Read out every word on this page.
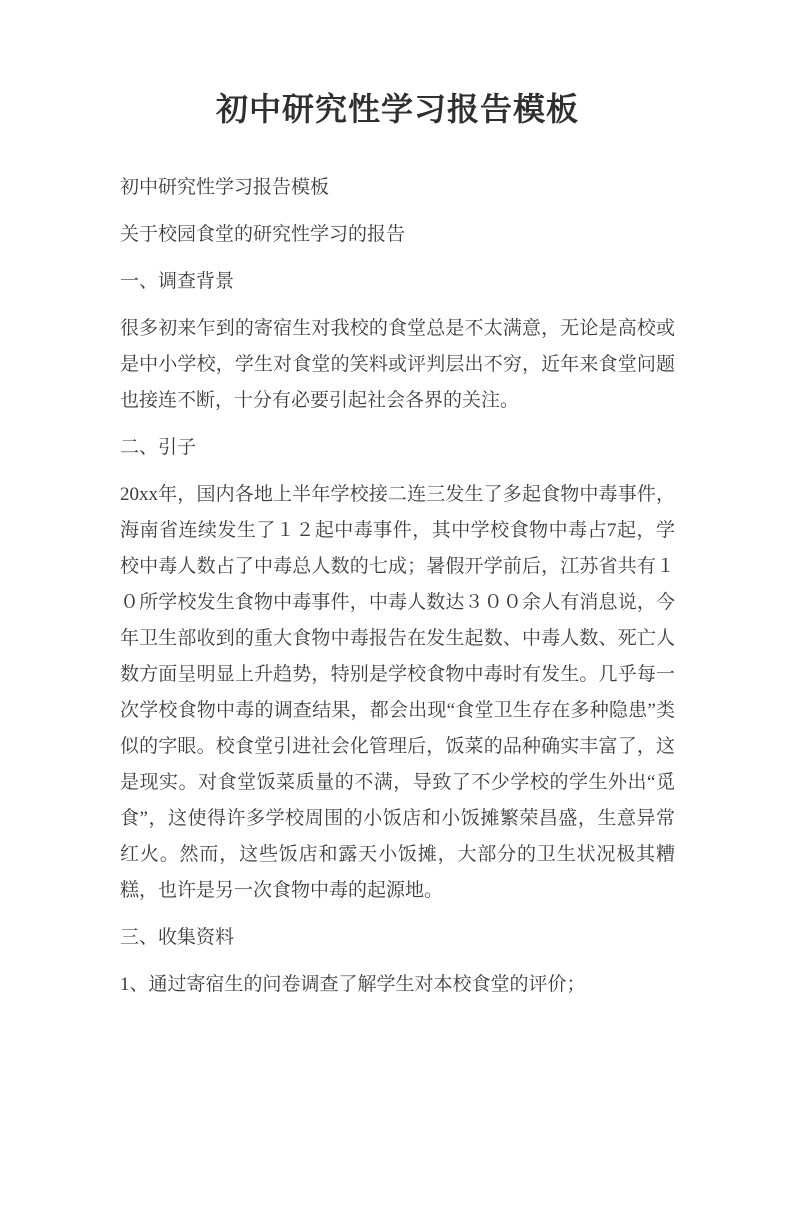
初中研究性学习报告模板

初中研究性学习报告模板

关于校园食堂的研究性学习的报告

一、调查背景

很多初来乍到的寄宿生对我校的食堂总是不太满意，无论是高校或是中小学校，学生对食堂的笑料或评判层出不穷，近年来食堂问题也接连不断，十分有必要引起社会各界的关注。

二、引子

20xx年，国内各地上半年学校接二连三发生了多起食物中毒事件，海南省连续发生了１２起中毒事件，其中学校食物中毒占7起，学校中毒人数占了中毒总人数的七成；暑假开学前后，江苏省共有１０所学校发生食物中毒事件，中毒人数达３００余人有消息说，今年卫生部收到的重大食物中毒报告在发生起数、中毒人数、死亡人数方面呈明显上升趋势，特别是学校食物中毒时有发生。几乎每一次学校食物中毒的调查结果，都会出现“食堂卫生存在多种隐患”类似的字眼。校食堂引进社会化管理后，饭菜的品种确实丰富了，这是现实。对食堂饭菜质量的不满，导致了不少学校的学生外出“觅食”，这使得许多学校周围的小饭店和小饭摊繁荣昌盛，生意异常红火。然而，这些饭店和露天小饭摊，大部分的卫生状况极其糟糕，也许是另一次食物中毒的起源地。

三、收集资料

1、通过寄宿生的问卷调查了解学生对本校食堂的评价；
